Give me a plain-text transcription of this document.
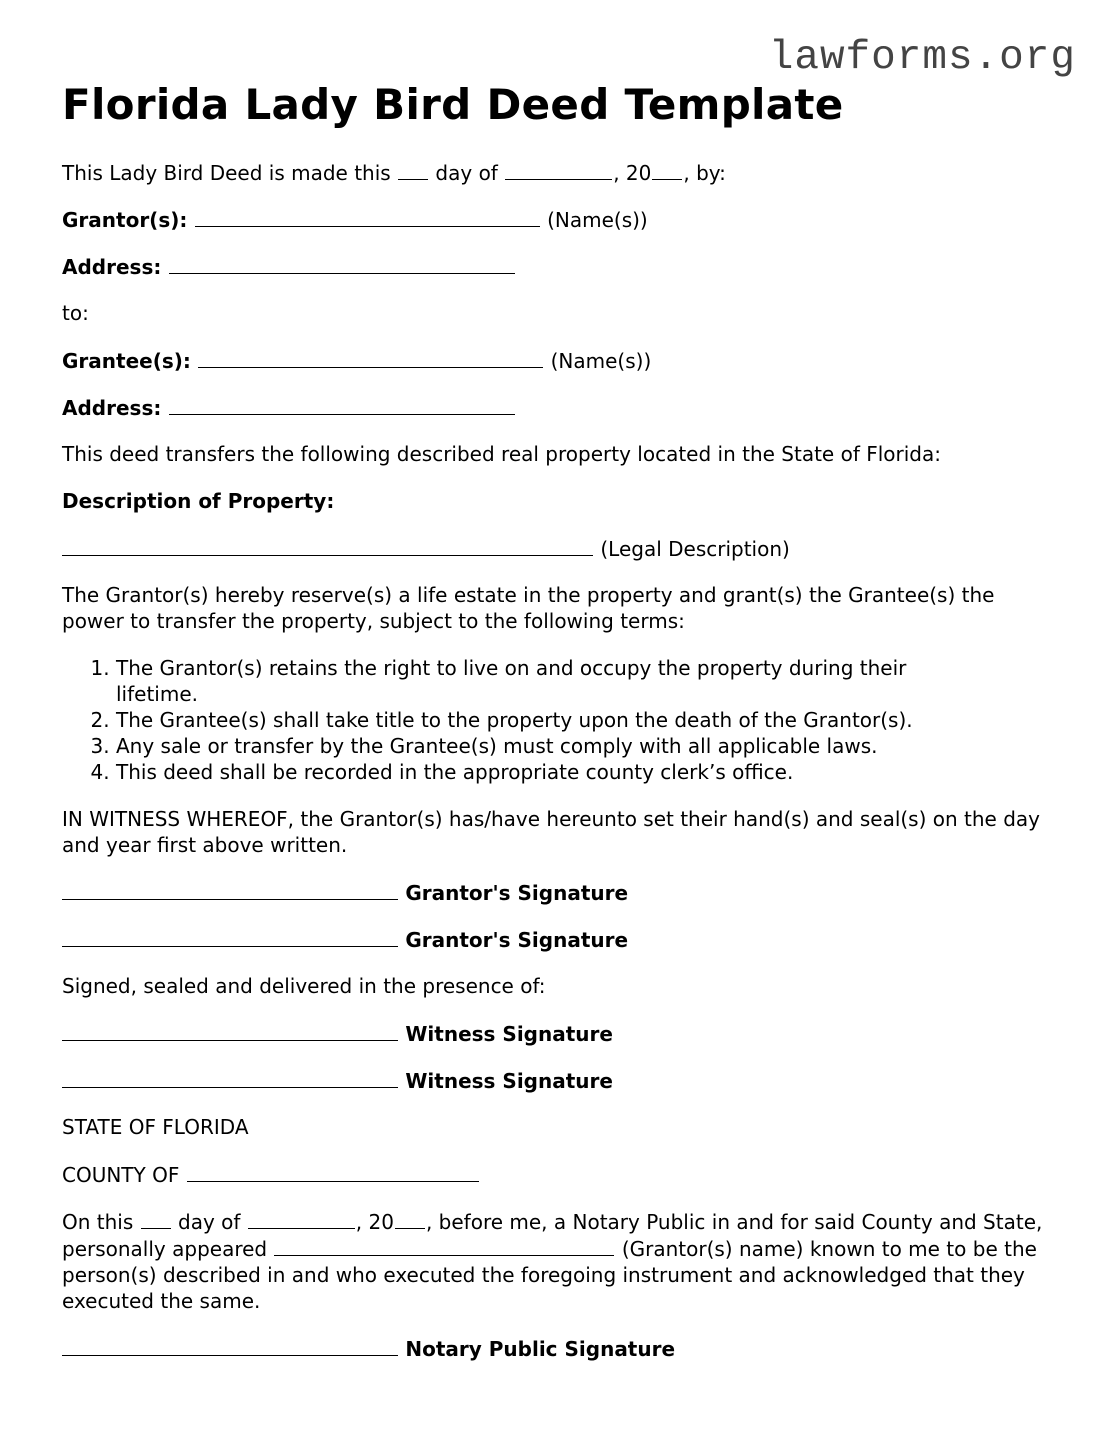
lawforms.org
Florida Lady Bird Deed Template

This Lady Bird Deed is made this day of	, 20 , by:

Grantor(s):	(Name(s))

Address:

to:

Grantee(s):	(Name(s))

Address:

This deed transfers the following described real property located in the State of Florida:

Description of Property:

(Legal Description)

The Grantor(s) hereby reserve(s) a life estate in the property and grant(s) the Grantee(s) the power to transfer the property, subject to the following terms:

1. The Grantor(s) retains the right to live on and occupy the property during their lifetime.
2. The Grantee(s) shall take title to the property upon the death of the Grantor(s).
3. Any sale or transfer by the Grantee(s) must comply with all applicable laws.
4. This deed shall be recorded in the appropriate county clerk’s office.

IN WITNESS WHEREOF, the Grantor(s) has/have hereunto set their hand(s) and seal(s) on the day and year first above written.

Grantor's Signature

Grantor's Signature

Signed, sealed and delivered in the presence of:

Witness Signature

Witness Signature

STATE OF FLORIDA

COUNTY OF

On this day of	, 20 , before me, a Notary Public in and for said County and State, personally appeared	(Grantor(s) name) known to me to be the person(s) described in and who executed the foregoing instrument and acknowledged that they executed the same.

Notary Public Signature
